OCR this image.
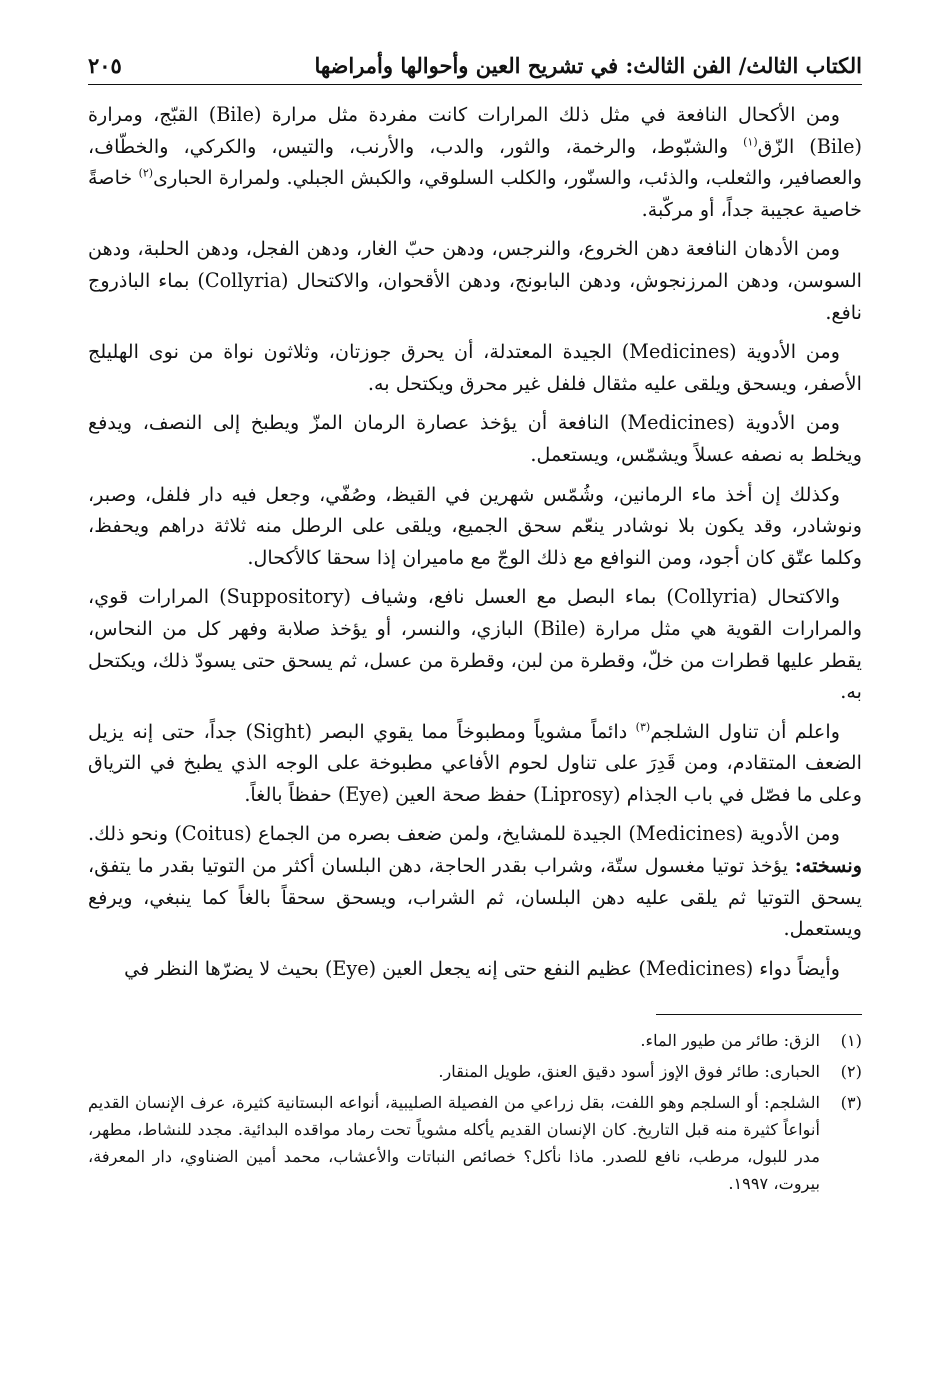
الكتاب الثالث/ الفن الثالث: في تشريح العين وأحوالها وأمراضها
٢٠٥

ومن الأكحال النافعة في مثل ذلك المرارات كانت مفردة مثل مرارة (Bile) القبّج، ومرارة (Bile) الزّق$^{(١)}$ والشبّوط، والرخمة، والثور، والدب، والأرنب، والتيس، والكركي، والخطّاف، والعصافير، والثعلب، والذئب، والسنّور، والكلب السلوقي، والكبش الجبلي. ولمرارة الحبارى$^{(٢)}$ خاصةً خاصية عجيبة جداً، أو مركّبة.

ومن الأدهان النافعة دهن الخروع، والنرجس، ودهن حبّ الغار، ودهن الفجل، ودهن الحلبة، ودهن السوسن، ودهن المرزنجوش، ودهن البابونج، ودهن الأقحوان، والاكتحال (Collyria) بماء الباذروج نافع.

ومن الأدوية (Medicines) الجيدة المعتدلة، أن يحرق جوزتان، وثلاثون نواة من نوى الهليلج الأصفر، ويسحق ويلقى عليه مثقال فلفل غير محرق ويكتحل به.

ومن الأدوية (Medicines) النافعة أن يؤخذ عصارة الرمان المزّ ويطبخ إلى النصف، ويدفع ويخلط به نصفه عسلاً ويشمّس، ويستعمل.

وكذلك إن أخذ ماء الرمانين، وشُمّس شهرين في القيظ، وصُفّي، وجعل فيه دار فلفل، وصبر، ونوشادر، وقد يكون بلا نوشادر ينعّم سحق الجميع، ويلقى على الرطل منه ثلاثة دراهم ويحفظ، وكلما عتّق كان أجود، ومن النوافع مع ذلك الوجّ مع ماميران إذا سحقا كالأكحال.

والاكتحال (Collyria) بماء البصل مع العسل نافع، وشياف (Suppository) المرارات قوي، والمرارات القوية هي مثل مرارة (Bile) البازي، والنسر، أو يؤخذ صلابة وفهر كل من النحاس، يقطر عليها قطرات من خلّ، وقطرة من لبن، وقطرة من عسل، ثم يسحق حتى يسودّ ذلك، ويكتحل به.

واعلم أن تناول الشلجم$^{(٣)}$ دائماً مشوياً ومطبوخاً مما يقوي البصر (Sight) جداً، حتى إنه يزيل الضعف المتقادم، ومن قَدِرَ على تناول لحوم الأفاعي مطبوخة على الوجه الذي يطبخ في الترياق وعلى ما فصّل في باب الجذام (Liprosy) حفظ صحة العين (Eye) حفظاً بالغاً.

ومن الأدوية (Medicines) الجيدة للمشايخ، ولمن ضعف بصره من الجماع (Coitus) ونحو ذلك. ونسخته: يؤخذ توتيا مغسول ستّة، وشراب بقدر الحاجة، دهن البلسان أكثر من التوتيا بقدر ما يتفق، يسحق التوتيا ثم يلقى عليه دهن البلسان، ثم الشراب، ويسحق سحقاً بالغاً كما ينبغي، ويرفع ويستعمل.

وأيضاً دواء (Medicines) عظيم النفع حتى إنه يجعل العين (Eye) بحيث لا يضرّها النظر في

(١)
الزق: طائر من طيور الماء.
(٢)
الحبارى: طائر فوق الإوز أسود دقيق العنق، طويل المنقار.
(٣)
الشلجم: أو السلجم وهو اللفت، بقل زراعي من الفصيلة الصليبية، أنواعه البستانية كثيرة، عرف الإنسان القديم أنواعاً كثيرة منه قبل التاريخ. كان الإنسان القديم يأكله مشوياً تحت رماد مواقده البدائية. مجدد للنشاط، مطهر، مدر للبول، مرطب، نافع للصدر. ماذا نأكل؟ خصائص النباتات والأعشاب، محمد أمين الضناوي، دار المعرفة، بيروت، ١٩٩٧.
